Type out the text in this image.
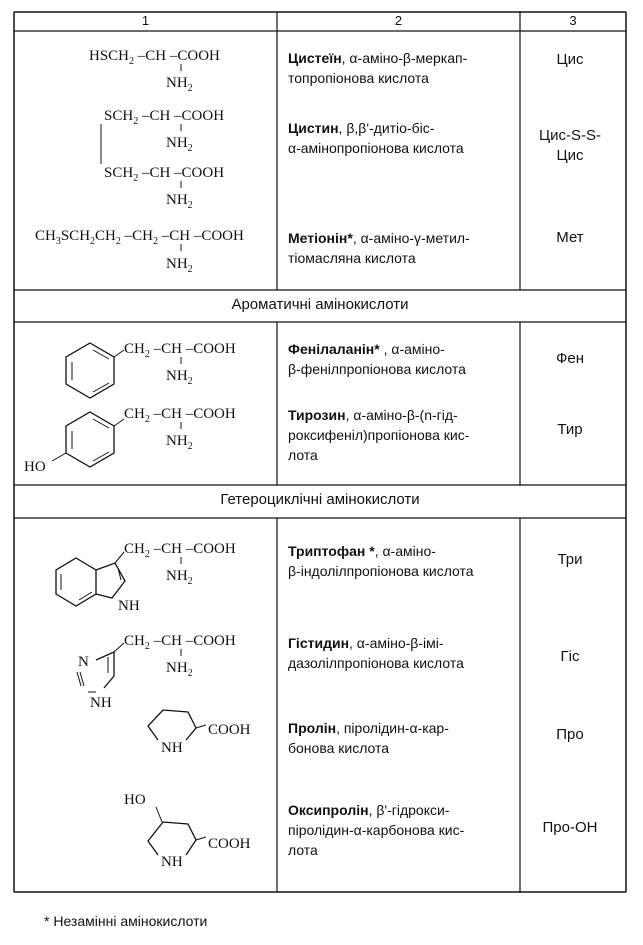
1	2	3
Ароматичні амінокислоти
Гетероциклічні амінокислоти
$HSCH_2$ –CH –COOH
$NH_2$
$SCH_2$ –CH –COOH
$NH_2$
$SCH_2$ –CH –COOH
$NH_2$
$CH_3SCH_2CH_2$ $-CH_2$ –CH –COOH
$NH_2$
$CH_2$ –CH –COOH
$NH_2$
HO
$CH_2$ –CH –COOH
$NH_2$
NH
$CH_2$ –CH –COOH
$NH_2$
N
NH
$CH_2$ –CH –COOH
$NH_2$
COOH
NH
HO
COOH
NH
Цистеїн, α-аміно-β-меркап-
топропіонова кислота
Цистин, β,β'-дитіо-біс-
α-амінопропіонова кислота
Метіонін*, α-аміно-γ-метил-
тіомасляна кислота
Фенілаланін* , α-аміно-
β-фенілпропіонова кислота
Тирозин, α-аміно-β-(n-гід-
роксифеніл)пропіонова кис-
лота
Триптофан *, α-аміно-
β-індолілпропіонова кислота
Гістидин, α-аміно-β-імі-
дазолілпропіонова кислота
Пролін, піролідин-α-кар-
бонова кислота
Оксипролін, β'-гідрокси-
піролідин-α-карбонова кис-
лота
Цис
Цис-S-S-
Цис
Мет
Фен
Тир
Три
Гіс
Про
Про-ОН
* Незамінні амінокислоти
